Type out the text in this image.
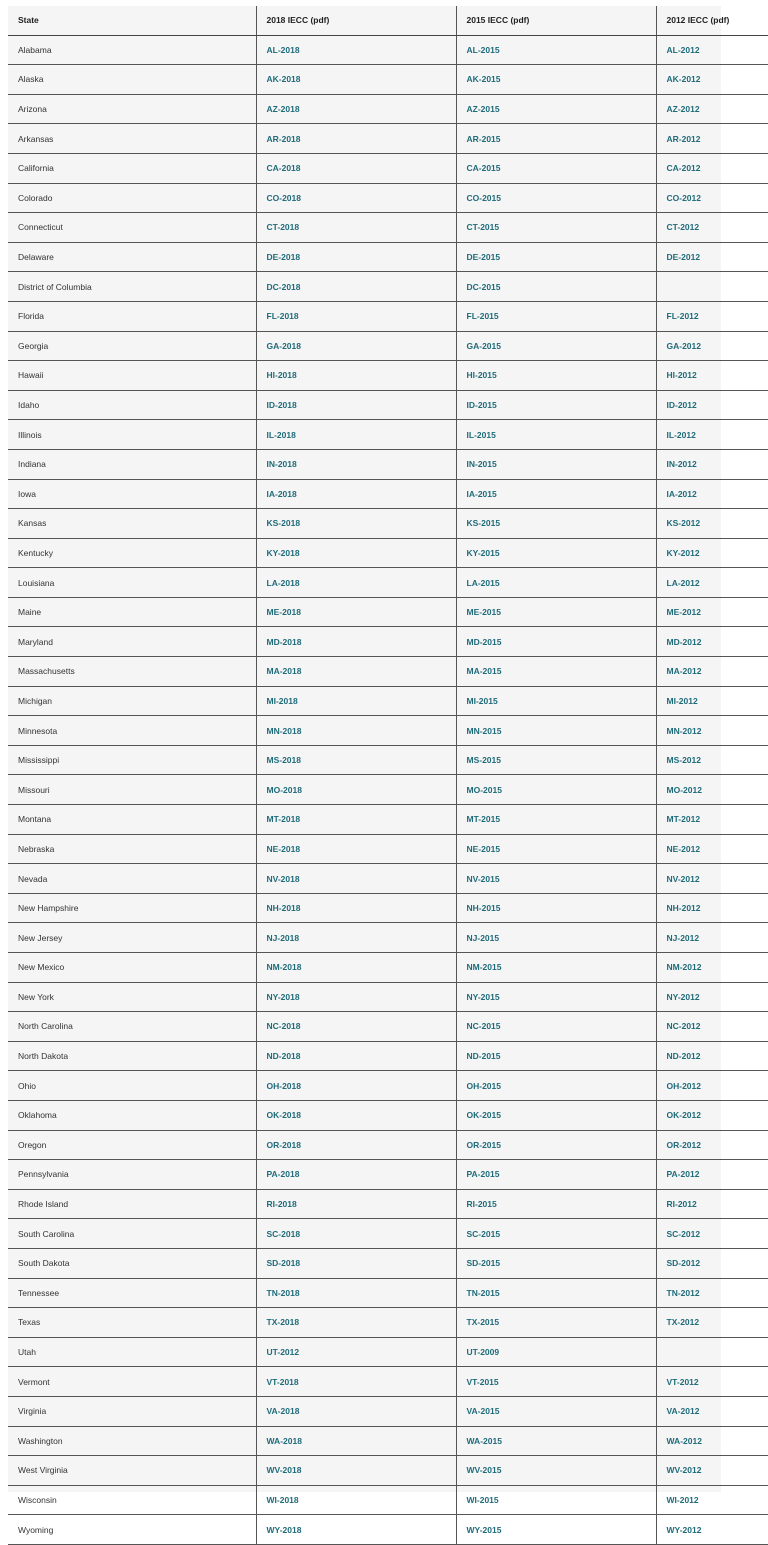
State	2018 IECC (pdf)	2015 IECC (pdf)	2012 IECC (pdf)
Alabama	AL-2018	AL-2015	AL-2012
Alaska	AK-2018	AK-2015	AK-2012
Arizona	AZ-2018	AZ-2015	AZ-2012
Arkansas	AR-2018	AR-2015	AR-2012
California	CA-2018	CA-2015	CA-2012
Colorado	CO-2018	CO-2015	CO-2012
Connecticut	CT-2018	CT-2015	CT-2012
Delaware	DE-2018	DE-2015	DE-2012
District of Columbia	DC-2018	DC-2015	
Florida	FL-2018	FL-2015	FL-2012
Georgia	GA-2018	GA-2015	GA-2012
Hawaii	HI-2018	HI-2015	HI-2012
Idaho	ID-2018	ID-2015	ID-2012
Illinois	IL-2018	IL-2015	IL-2012
Indiana	IN-2018	IN-2015	IN-2012
Iowa	IA-2018	IA-2015	IA-2012
Kansas	KS-2018	KS-2015	KS-2012
Kentucky	KY-2018	KY-2015	KY-2012
Louisiana	LA-2018	LA-2015	LA-2012
Maine	ME-2018	ME-2015	ME-2012
Maryland	MD-2018	MD-2015	MD-2012
Massachusetts	MA-2018	MA-2015	MA-2012
Michigan	MI-2018	MI-2015	MI-2012
Minnesota	MN-2018	MN-2015	MN-2012
Mississippi	MS-2018	MS-2015	MS-2012
Missouri	MO-2018	MO-2015	MO-2012
Montana	MT-2018	MT-2015	MT-2012
Nebraska	NE-2018	NE-2015	NE-2012
Nevada	NV-2018	NV-2015	NV-2012
New Hampshire	NH-2018	NH-2015	NH-2012
New Jersey	NJ-2018	NJ-2015	NJ-2012
New Mexico	NM-2018	NM-2015	NM-2012
New York	NY-2018	NY-2015	NY-2012
North Carolina	NC-2018	NC-2015	NC-2012
North Dakota	ND-2018	ND-2015	ND-2012
Ohio	OH-2018	OH-2015	OH-2012
Oklahoma	OK-2018	OK-2015	OK-2012
Oregon	OR-2018	OR-2015	OR-2012
Pennsylvania	PA-2018	PA-2015	PA-2012
Rhode Island	RI-2018	RI-2015	RI-2012
South Carolina	SC-2018	SC-2015	SC-2012
South Dakota	SD-2018	SD-2015	SD-2012
Tennessee	TN-2018	TN-2015	TN-2012
Texas	TX-2018	TX-2015	TX-2012
Utah	UT-2012	UT-2009	
Vermont	VT-2018	VT-2015	VT-2012
Virginia	VA-2018	VA-2015	VA-2012
Washington	WA-2018	WA-2015	WA-2012
West Virginia	WV-2018	WV-2015	WV-2012
Wisconsin	WI-2018	WI-2015	WI-2012
Wyoming	WY-2018	WY-2015	WY-2012
